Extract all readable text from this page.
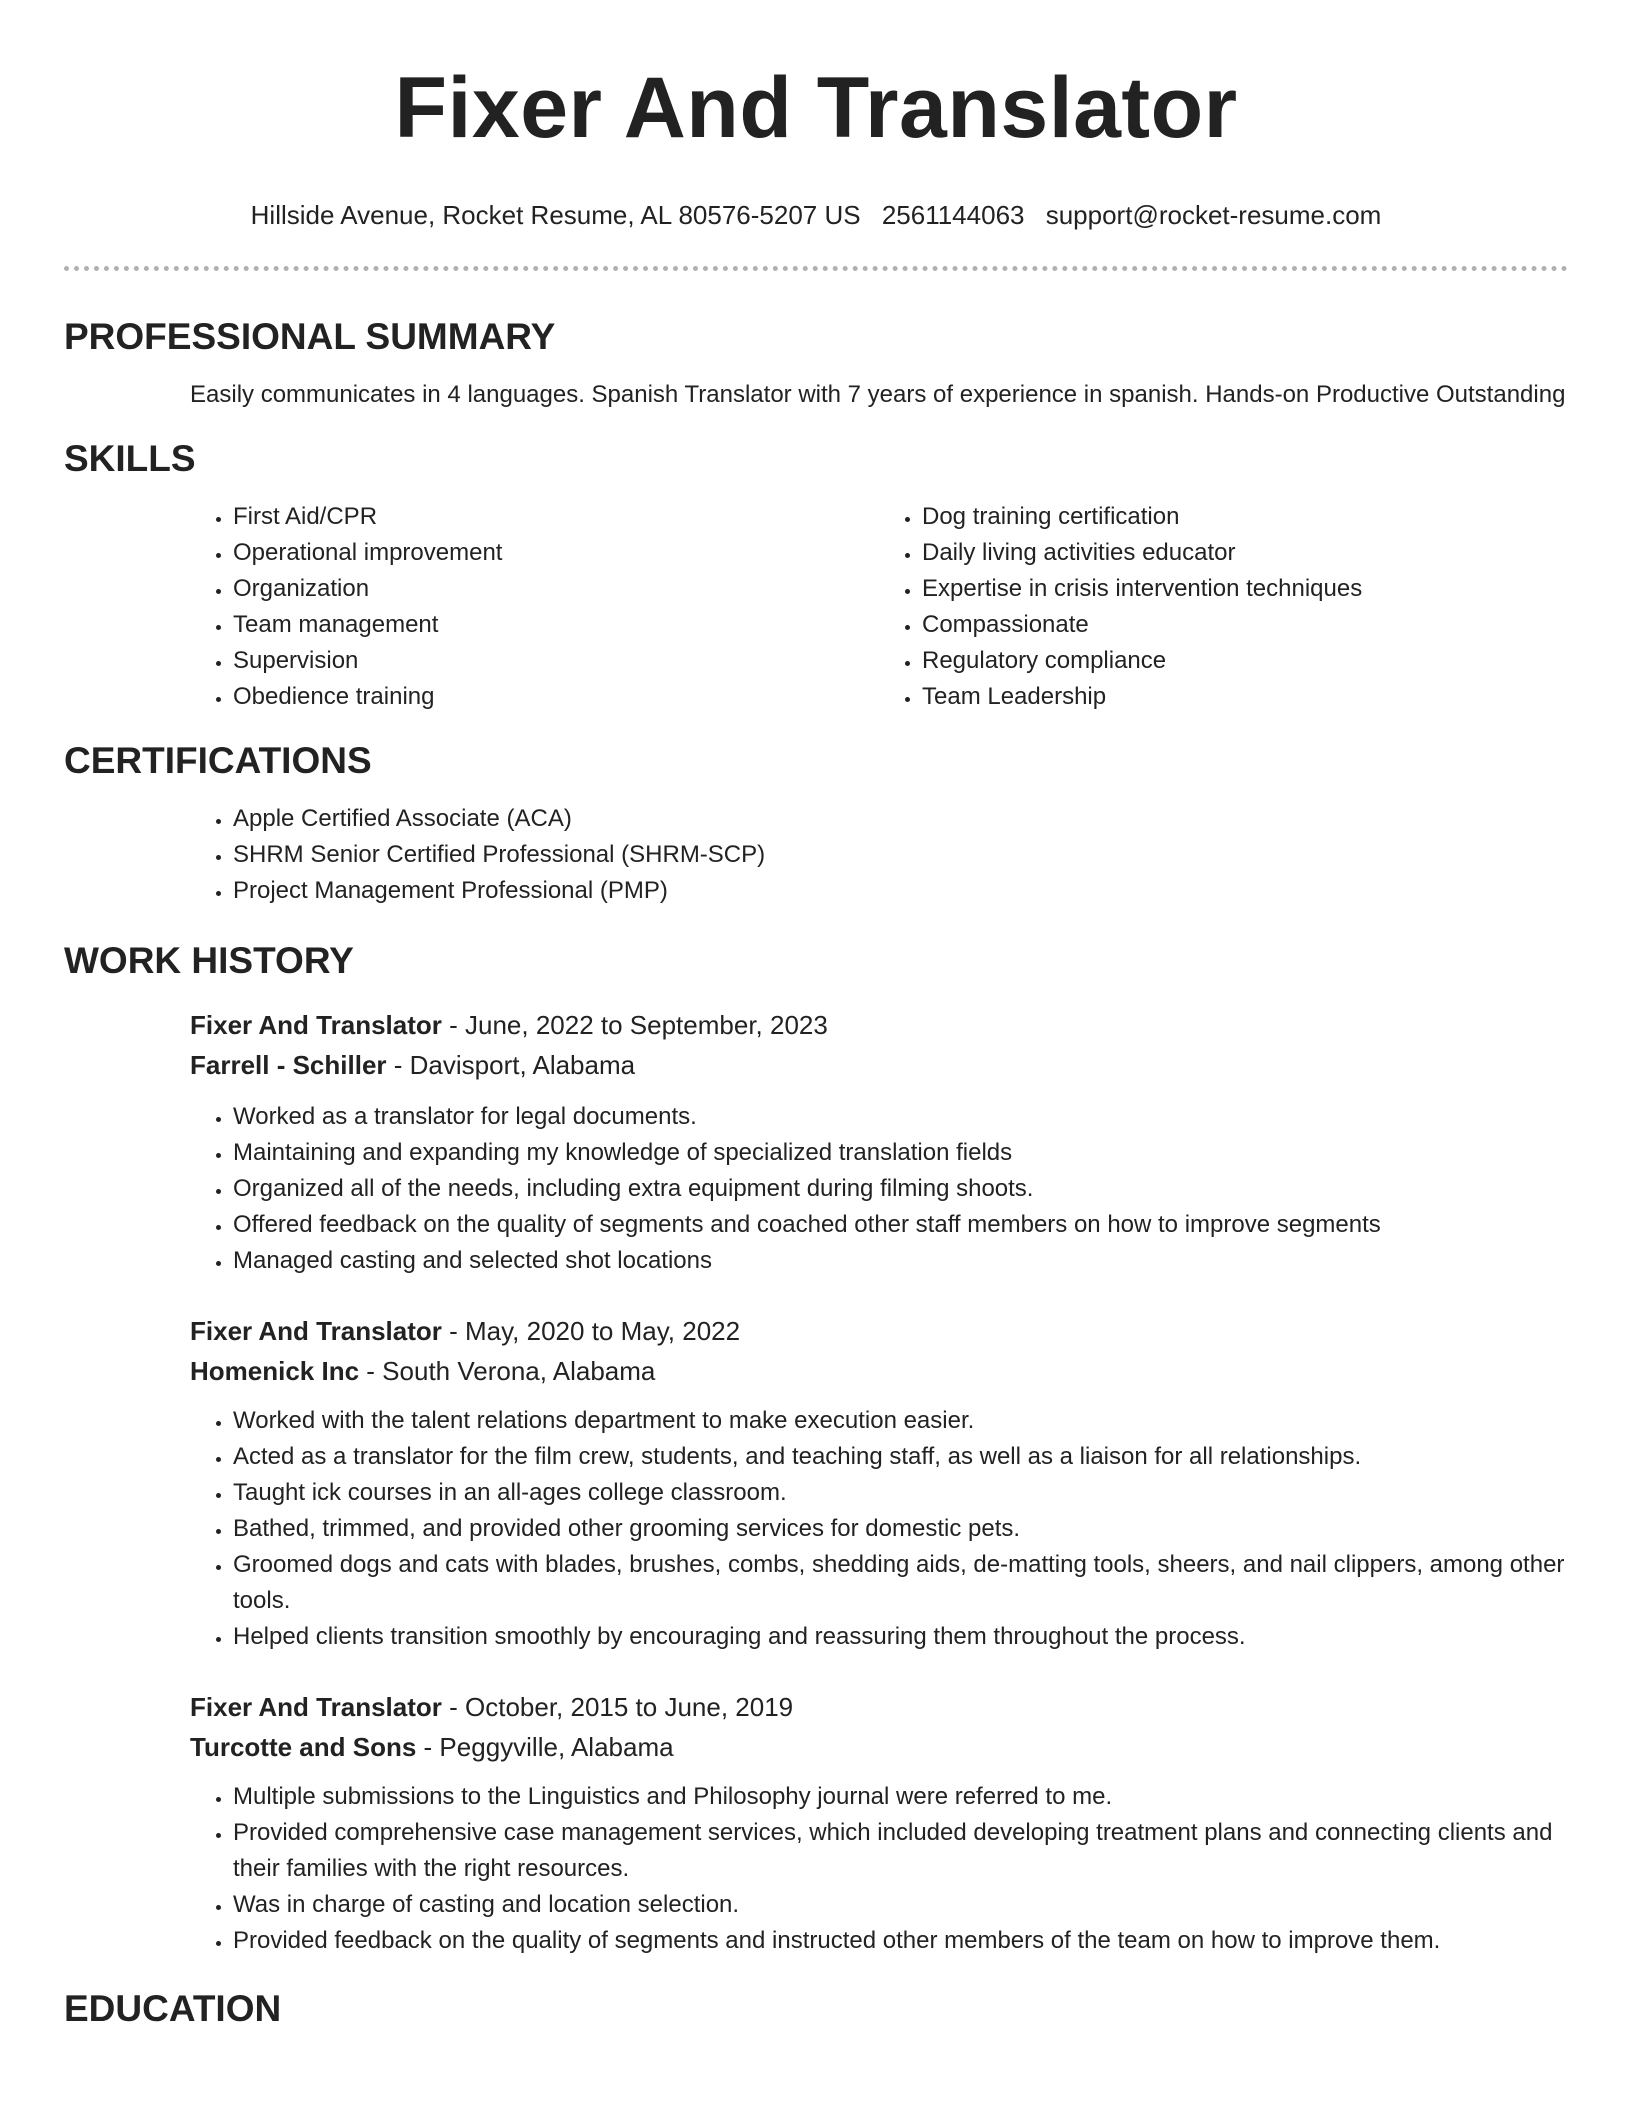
Fixer And Translator
Hillside Avenue, Rocket Resume, AL 80576-5207 US 2561144063 support@rocket-resume.com
PROFESSIONAL SUMMARY
Easily communicates in 4 languages. Spanish Translator with 7 years of experience in spanish. Hands-on Productive Outstanding
SKILLS
• First Aid/CPR
• Operational improvement
• Organization
• Team management
• Supervision
• Obedience training
• Dog training certification
• Daily living activities educator
• Expertise in crisis intervention techniques
• Compassionate
• Regulatory compliance
• Team Leadership
CERTIFICATIONS
• Apple Certified Associate (ACA)
• SHRM Senior Certified Professional (SHRM-SCP)
• Project Management Professional (PMP)
WORK HISTORY
Fixer And Translator - June, 2022 to September, 2023
Farrell - Schiller - Davisport, Alabama
• Worked as a translator for legal documents.
• Maintaining and expanding my knowledge of specialized translation fields
• Organized all of the needs, including extra equipment during filming shoots.
• Offered feedback on the quality of segments and coached other staff members on how to improve segments
• Managed casting and selected shot locations
Fixer And Translator - May, 2020 to May, 2022
Homenick Inc - South Verona, Alabama
• Worked with the talent relations department to make execution easier.
• Acted as a translator for the film crew, students, and teaching staff, as well as a liaison for all relationships.
• Taught ick courses in an all-ages college classroom.
• Bathed, trimmed, and provided other grooming services for domestic pets.
• Groomed dogs and cats with blades, brushes, combs, shedding aids, de-matting tools, sheers, and nail clippers, among other tools.
• Helped clients transition smoothly by encouraging and reassuring them throughout the process.
Fixer And Translator - October, 2015 to June, 2019
Turcotte and Sons - Peggyville, Alabama
• Multiple submissions to the Linguistics and Philosophy journal were referred to me.
• Provided comprehensive case management services, which included developing treatment plans and connecting clients and their families with the right resources.
• Was in charge of casting and location selection.
• Provided feedback on the quality of segments and instructed other members of the team on how to improve them.
EDUCATION
